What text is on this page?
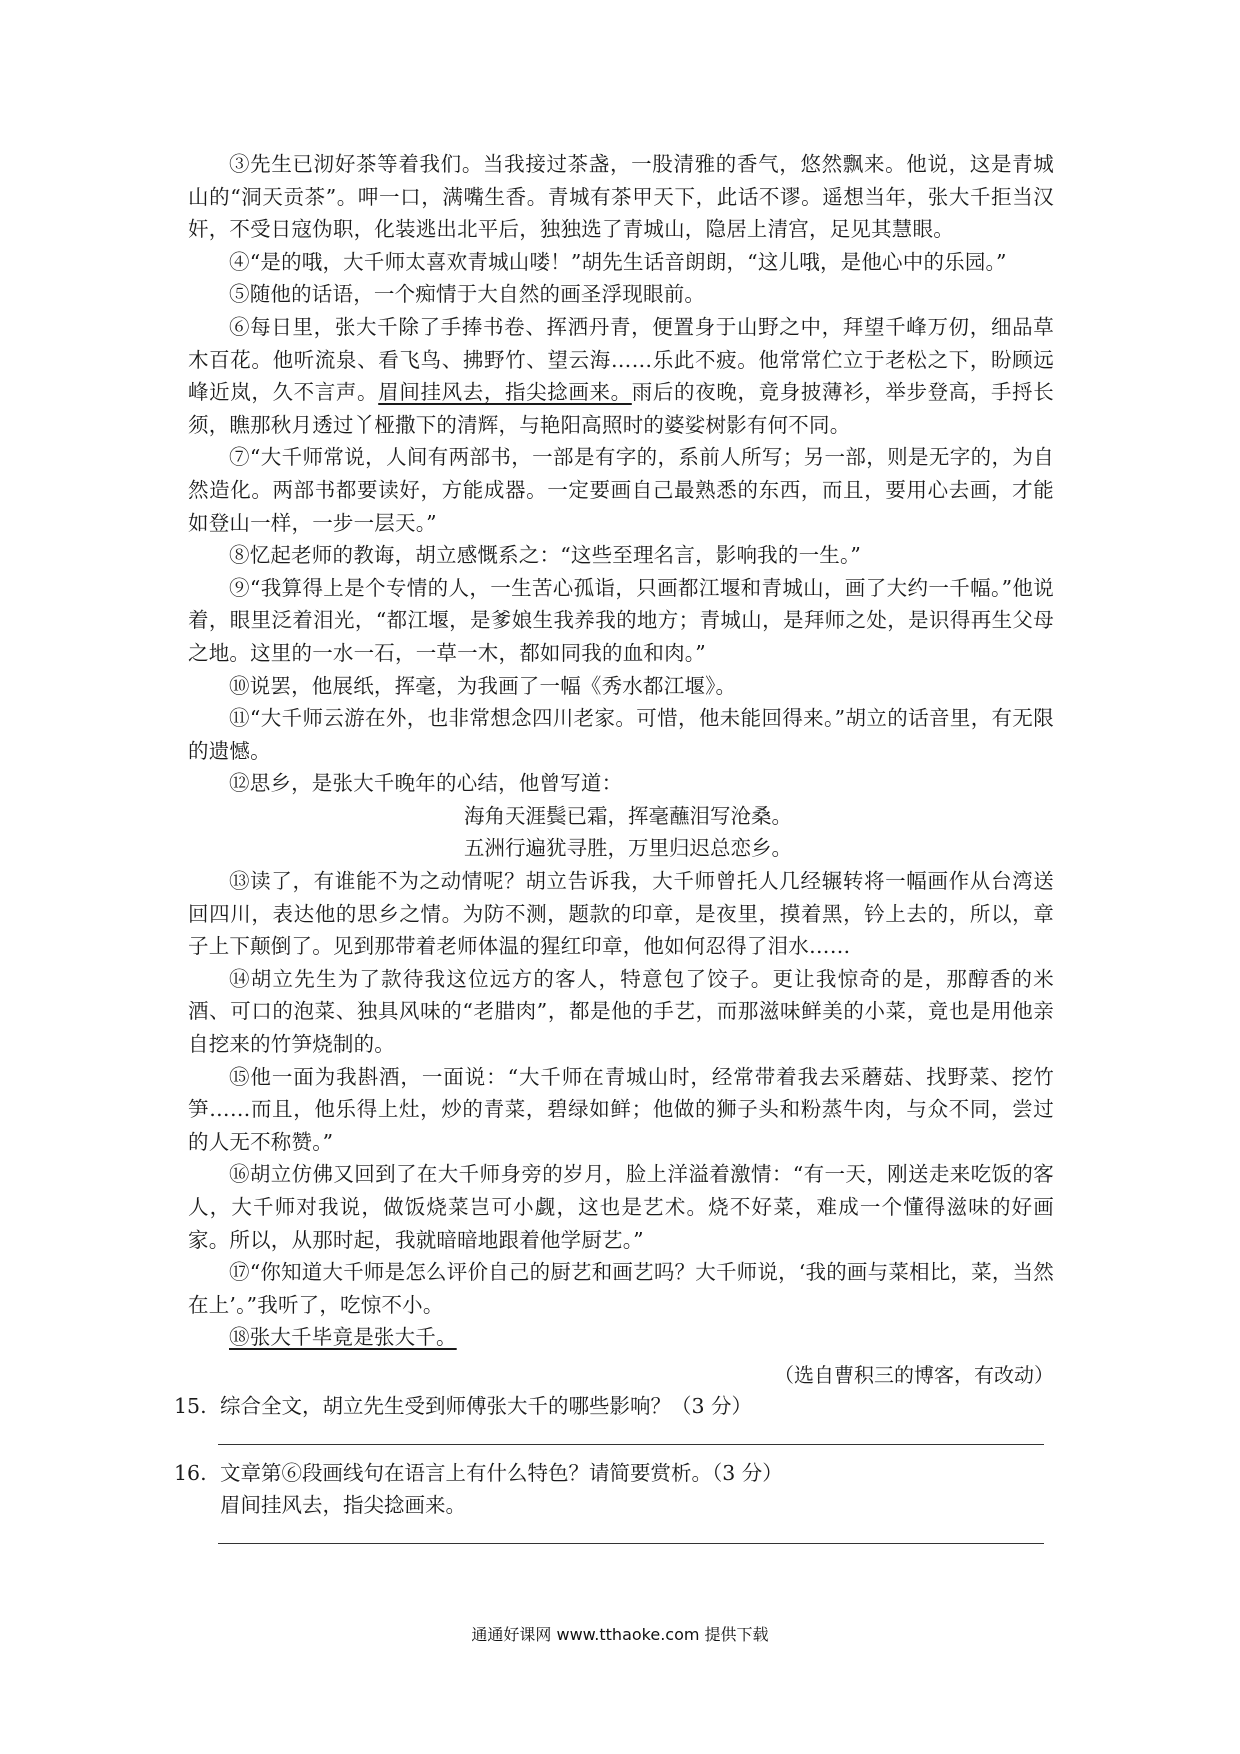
③先生已沏好茶等着我们。当我接过茶盏，一股清雅的香气，悠然飘来。他说，这是青城山的“洞天贡茶”。呷一口，满嘴生香。青城有茶甲天下，此话不谬。遥想当年，张大千拒当汉奸，不受日寇伪职，化装逃出北平后，独独选了青城山，隐居上清宫，足见其慧眼。

④“是的哦，大千师太喜欢青城山喽！”胡先生话音朗朗，“这儿哦，是他心中的乐园。”

⑤随他的话语，一个痴情于大自然的画圣浮现眼前。

⑥每日里，张大千除了手捧书卷、挥洒丹青，便置身于山野之中，拜望千峰万仞，细品草木百花。他听流泉、看飞鸟、拂野竹、望云海……乐此不疲。他常常伫立于老松之下，盼顾远峰近岚，久不言声。眉间挂风去，指尖捻画来。雨后的夜晚，竟身披薄衫，举步登高，手捋长须，瞧那秋月透过丫桠撒下的清辉，与艳阳高照时的婆娑树影有何不同。

⑦“大千师常说，人间有两部书，一部是有字的，系前人所写；另一部，则是无字的，为自然造化。两部书都要读好，方能成器。一定要画自己最熟悉的东西，而且，要用心去画，才能如登山一样，一步一层天。”

⑧忆起老师的教诲，胡立感慨系之：“这些至理名言，影响我的一生。”

⑨“我算得上是个专情的人，一生苦心孤诣，只画都江堰和青城山，画了大约一千幅。”他说着，眼里泛着泪光，“都江堰，是爹娘生我养我的地方；青城山，是拜师之处，是识得再生父母之地。这里的一水一石，一草一木，都如同我的血和肉。”

⑩说罢，他展纸，挥毫，为我画了一幅《秀水都江堰》。

⑪“大千师云游在外，也非常想念四川老家。可惜，他未能回得来。”胡立的话音里，有无限的遗憾。

⑫思乡，是张大千晚年的心结，他曾写道：

海角天涯鬓已霜，挥毫蘸泪写沧桑。

五洲行遍犹寻胜，万里归迟总恋乡。

⑬读了，有谁能不为之动情呢？胡立告诉我，大千师曾托人几经辗转将一幅画作从台湾送回四川，表达他的思乡之情。为防不测，题款的印章，是夜里，摸着黑，钤上去的，所以，章子上下颠倒了。见到那带着老师体温的猩红印章，他如何忍得了泪水……

⑭胡立先生为了款待我这位远方的客人，特意包了饺子。更让我惊奇的是，那醇香的米酒、可口的泡菜、独具风味的“老腊肉”，都是他的手艺，而那滋味鲜美的小菜，竟也是用他亲自挖来的竹笋烧制的。

⑮他一面为我斟酒，一面说：“大千师在青城山时，经常带着我去采蘑菇、找野菜、挖竹笋……而且，他乐得上灶，炒的青菜，碧绿如鲜；他做的狮子头和粉蒸牛肉，与众不同，尝过的人无不称赞。”

⑯胡立仿佛又回到了在大千师身旁的岁月，脸上洋溢着激情：“有一天，刚送走来吃饭的客人，大千师对我说，做饭烧菜岂可小觑，这也是艺术。烧不好菜，难成一个懂得滋味的好画家。所以，从那时起，我就暗暗地跟着他学厨艺。”

⑰“你知道大千师是怎么评价自己的厨艺和画艺吗？大千师说，‘我的画与菜相比，菜，当然在上’。”我听了，吃惊不小。

⑱张大千毕竟是张大千。

（选自曹积三的博客，有改动）

15. 综合全文，胡立先生受到师傅张大千的哪些影响？（3 分）

16. 文章第⑥段画线句在语言上有什么特色？请简要赏析。（3 分）

眉间挂风去，指尖捻画来。

通通好课网 www.tthaoke.com 提供下载
